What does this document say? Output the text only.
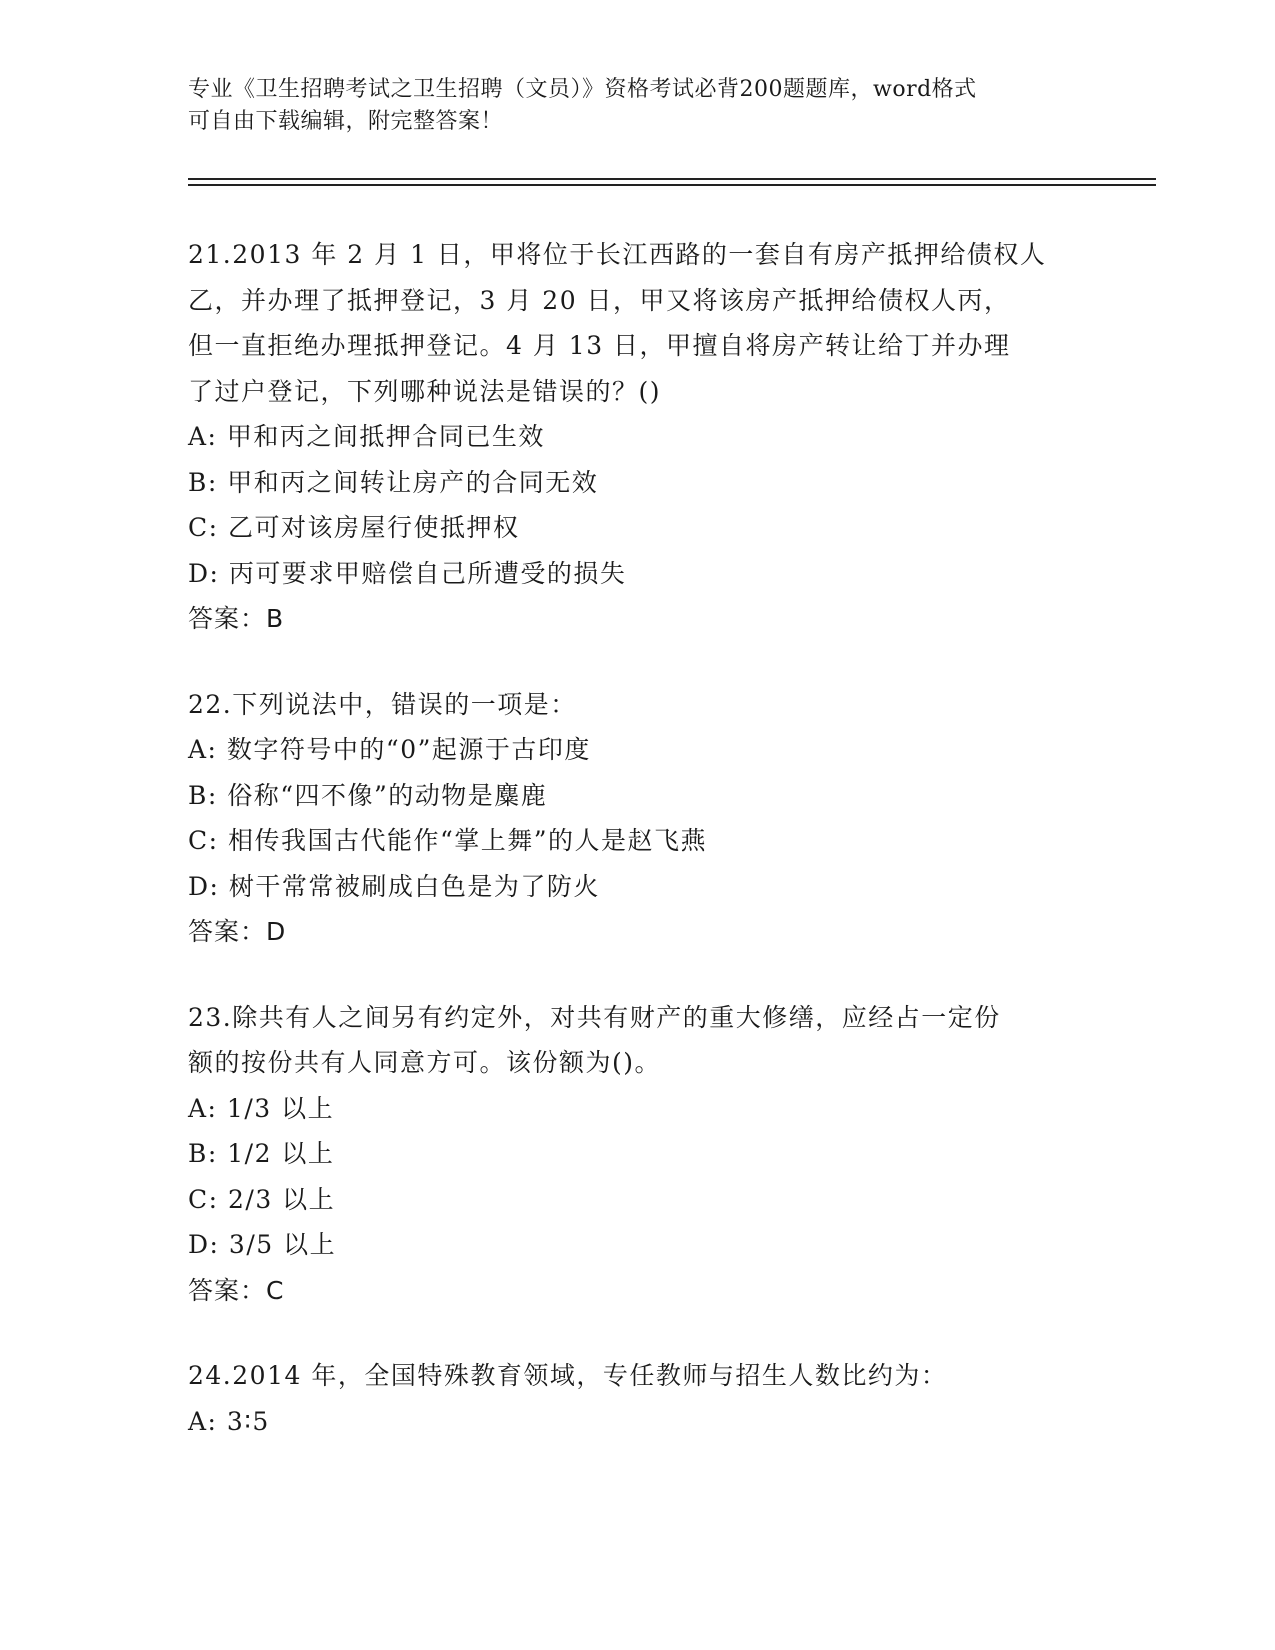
专业《卫生招聘考试之卫生招聘（文员）》资格考试必背200题题库，word格式
可自由下载编辑，附完整答案！
21.2013 年 2 月 1 日，甲将位于长江西路的一套自有房产抵押给债权人
乙，并办理了抵押登记，3 月 20 日，甲又将该房产抵押给债权人丙，
但一直拒绝办理抵押登记。4 月 13 日，甲擅自将房产转让给丁并办理
了过户登记，下列哪种说法是错误的？()
A: 甲和丙之间抵押合同已生效
B: 甲和丙之间转让房产的合同无效
C: 乙可对该房屋行使抵押权
D: 丙可要求甲赔偿自己所遭受的损失
答案：B
22.下列说法中，错误的一项是：
A: 数字符号中的“0”起源于古印度
B: 俗称“四不像”的动物是麋鹿
C: 相传我国古代能作“掌上舞”的人是赵飞燕
D: 树干常常被刷成白色是为了防火
答案：D
23.除共有人之间另有约定外，对共有财产的重大修缮，应经占一定份
额的按份共有人同意方可。该份额为()。
A: 1/3 以上
B: 1/2 以上
C: 2/3 以上
D: 3/5 以上
答案：C
24.2014 年，全国特殊教育领域，专任教师与招生人数比约为：
A: 3∶5
